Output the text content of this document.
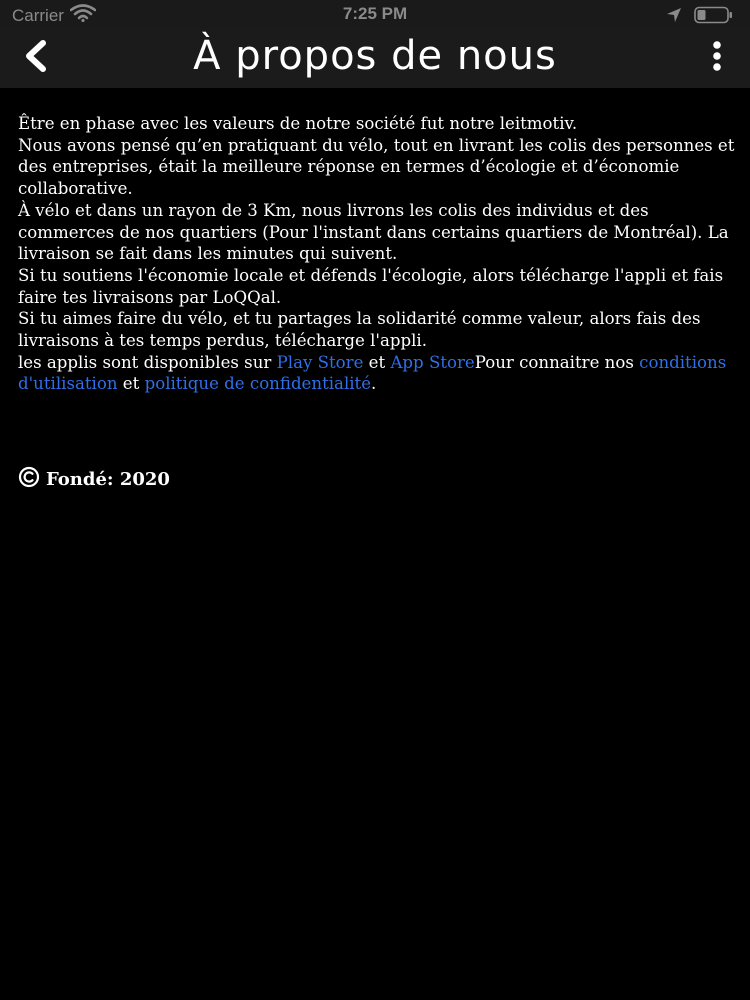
Carrier	7:25 PM
À propos de nous

Être en phase avec les valeurs de notre société fut notre leitmotiv.

Nous avons pensé qu’en pratiquant du vélo, tout en livrant les colis des personnes et des entreprises, était la meilleure réponse en termes d’écologie et d’économie collaborative.

À vélo et dans un rayon de 3 Km, nous livrons les colis des individus et des commerces de nos quartiers (Pour l'instant dans certains quartiers de Montréal). La livraison se fait dans les minutes qui suivent.

Si tu soutiens l'économie locale et défends l'écologie, alors télécharge l'appli et fais faire tes livraisons par LoQQal.

Si tu aimes faire du vélo, et tu partages la solidarité comme valeur, alors fais des livraisons à tes temps perdus, télécharge l'appli.

les applis sont disponibles sur Play Store et App StorePour connaitre nos conditions d'utilisation et politique de confidentialité.

Fondé: 2020
